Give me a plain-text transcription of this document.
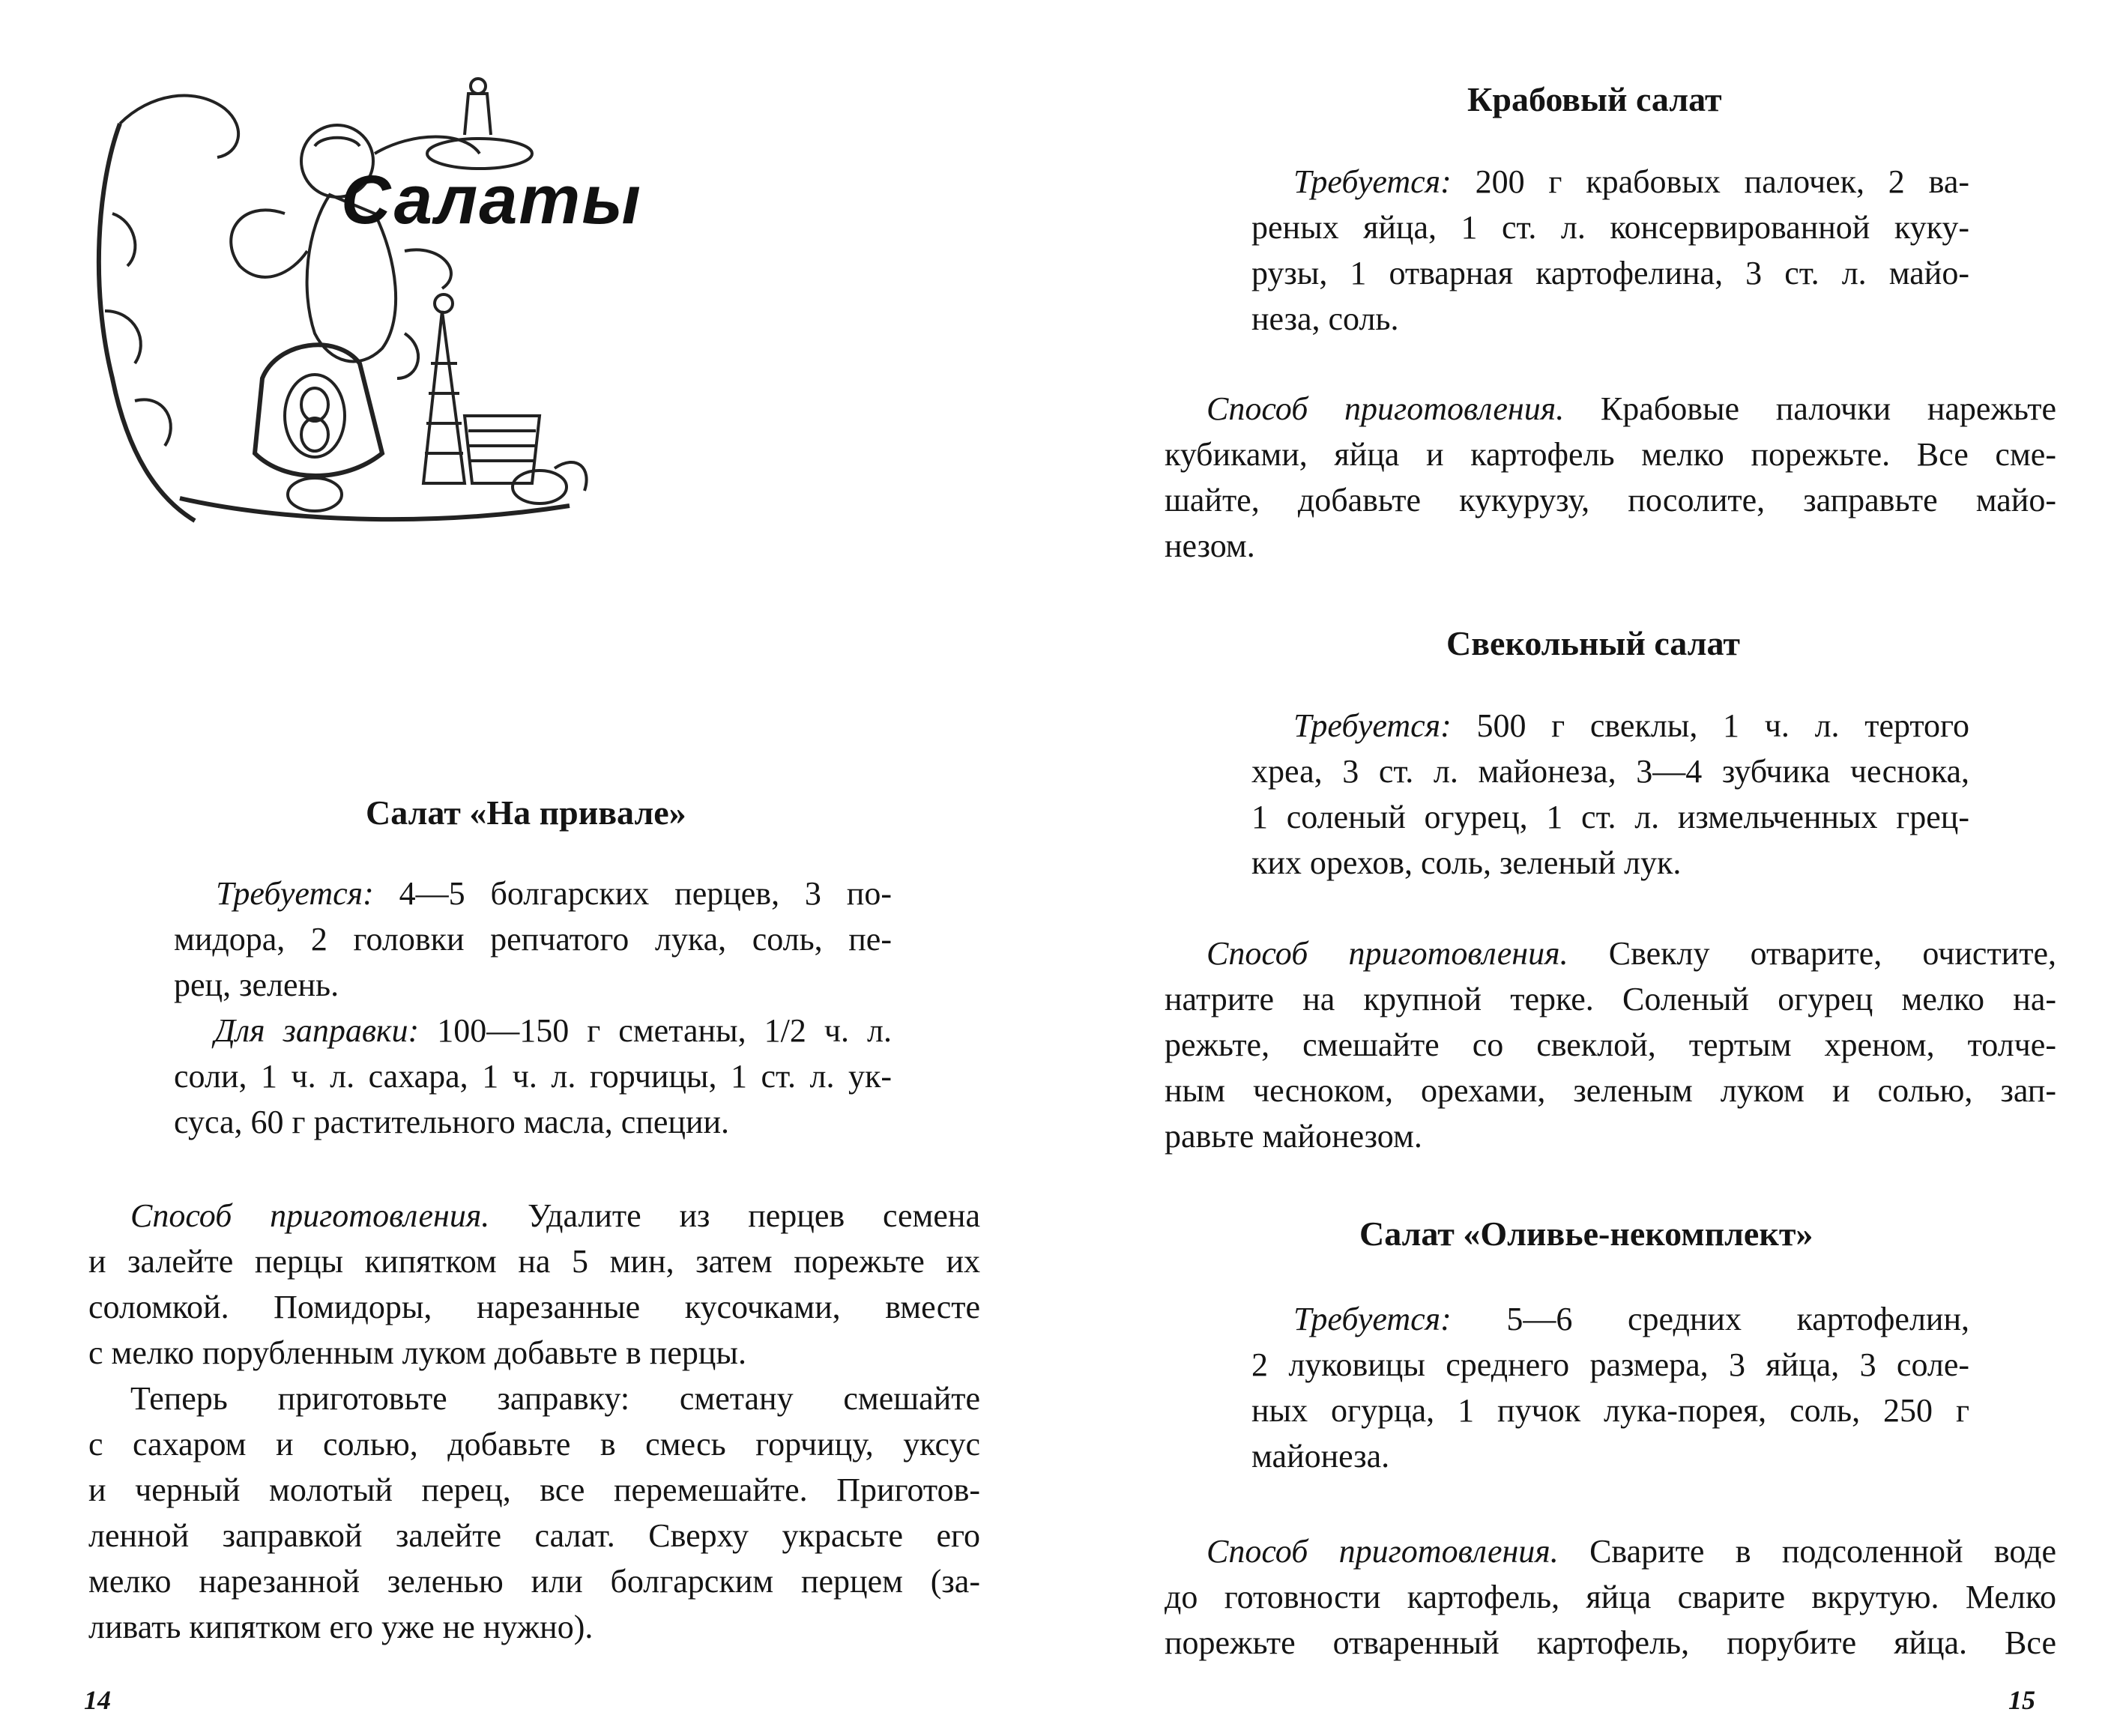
Салаты
Салат «На привале»

Требуется: 4—5 болгарских перцев, 3 по-

мидора, 2 головки репчатого лука, соль, пе-

рец, зелень.

Для заправки: 100—150 г сметаны, 1/2 ч. л.

соли, 1 ч. л. сахара, 1 ч. л. горчицы, 1 ст. л. ук-

суса, 60 г растительного масла, специи.

Способ приготовления. Удалите из перцев семена

и залейте перцы кипятком на 5 мин, затем порежьте их

соломкой. Помидоры, нарезанные кусочками, вместе

с мелко порубленным луком добавьте в перцы.

Теперь приготовьте заправку: сметану смешайте

с сахаром и солью, добавьте в смесь горчицу, уксус

и черный молотый перец, все перемешайте. Приготов-

ленной заправкой залейте салат. Сверху украсьте его

мелко нарезанной зеленью или болгарским перцем (за-

ливать кипятком его уже не нужно).

14
Крабовый салат

Требуется: 200 г крабовых палочек, 2 ва-

реных яйца, 1 ст. л. консервированной куку-

рузы, 1 отварная картофелина, 3 ст. л. майо-

неза, соль.

Способ приготовления. Крабовые палочки нарежьте

кубиками, яйца и картофель мелко порежьте. Все сме-

шайте, добавьте кукурузу, посолите, заправьте майо-

незом.

Свекольный салат

Требуется: 500 г свеклы, 1 ч. л. тертого

хреа, 3 ст. л. майонеза, 3—4 зубчика чеснока,

1 соленый огурец, 1 ст. л. измельченных грец-

ких орехов, соль, зеленый лук.

Способ приготовления. Свеклу отварите, очистите,

натрите на крупной терке. Соленый огурец мелко на-

режьте, смешайте со свеклой, тертым хреном, толче-

ным чесноком, орехами, зеленым луком и солью, зап-

равьте майонезом.

Салат «Оливье-некомплект»

Требуется: 5—6 средних картофелин,

2 луковицы среднего размера, 3 яйца, 3 соле-

ных огурца, 1 пучок лука-порея, соль, 250 г

майонеза.

Способ приготовления. Сварите в подсоленной воде

до готовности картофель, яйца сварите вкрутую. Мелко

порежьте отваренный картофель, порубите яйца. Все

15
